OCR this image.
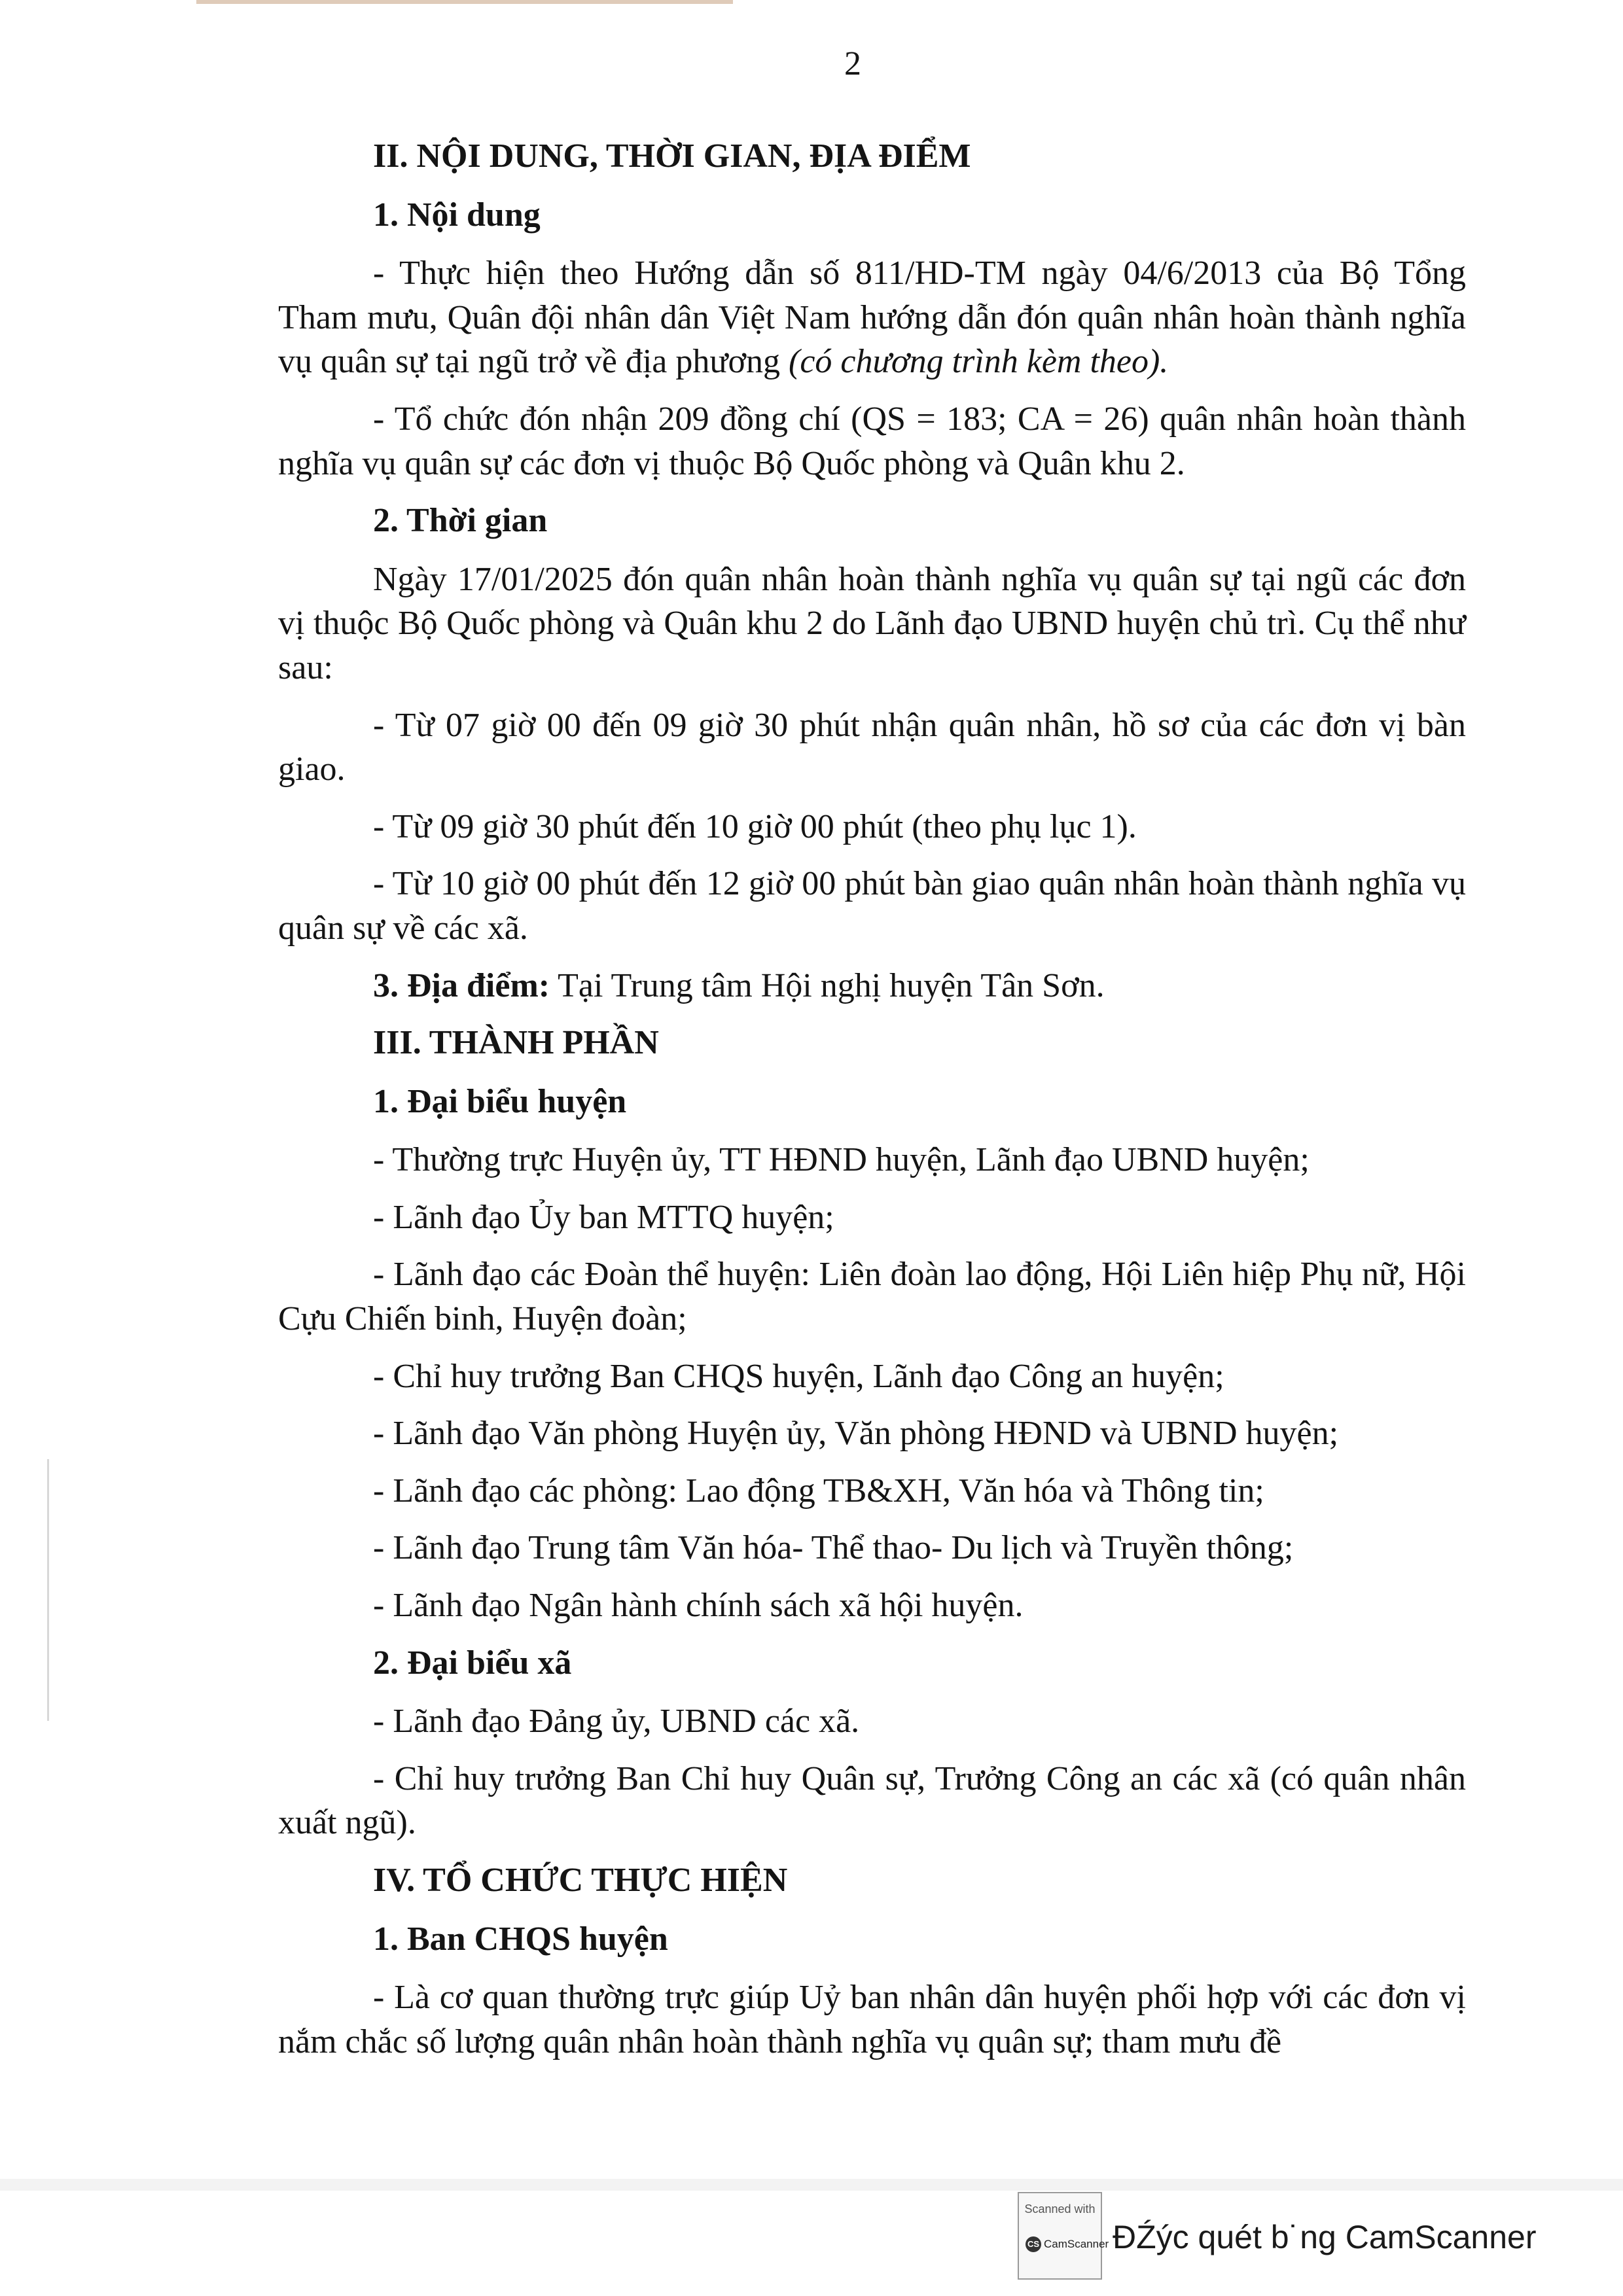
2
II. NỘI DUNG, THỜI GIAN, ĐỊA ĐIỂM
1. Nội dung

- Thực hiện theo Hướng dẫn số 811/HD-TM ngày 04/6/2013 của Bộ Tổng Tham mưu, Quân đội nhân dân Việt Nam hướng dẫn đón quân nhân hoàn thành nghĩa vụ quân sự tại ngũ trở về địa phương (có chương trình kèm theo).

- Tổ chức đón nhận 209 đồng chí (QS = 183; CA = 26) quân nhân hoàn thành nghĩa vụ quân sự các đơn vị thuộc Bộ Quốc phòng và Quân khu 2.

2. Thời gian

Ngày 17/01/2025 đón quân nhân hoàn thành nghĩa vụ quân sự tại ngũ các đơn vị thuộc Bộ Quốc phòng và Quân khu 2 do Lãnh đạo UBND huyện chủ trì. Cụ thể như sau:

- Từ 07 giờ 00 đến 09 giờ 30 phút nhận quân nhân, hồ sơ của các đơn vị bàn giao.

- Từ 09 giờ 30 phút đến 10 giờ 00 phút (theo phụ lục 1).

- Từ 10 giờ 00 phút đến 12 giờ 00 phút bàn giao quân nhân hoàn thành nghĩa vụ quân sự về các xã.

3. Địa điểm: Tại Trung tâm Hội nghị huyện Tân Sơn.

III. THÀNH PHẦN
1. Đại biểu huyện

- Thường trực Huyện ủy, TT HĐND huyện, Lãnh đạo UBND huyện;

- Lãnh đạo Ủy ban MTTQ huyện;

- Lãnh đạo các Đoàn thể huyện: Liên đoàn lao động, Hội Liên hiệp Phụ nữ, Hội Cựu Chiến binh, Huyện đoàn;

- Chỉ huy trưởng Ban CHQS huyện, Lãnh đạo Công an huyện;

- Lãnh đạo Văn phòng Huyện ủy, Văn phòng HĐND và UBND huyện;

- Lãnh đạo các phòng: Lao động TB&XH, Văn hóa và Thông tin;

- Lãnh đạo Trung tâm Văn hóa- Thể thao- Du lịch và Truyền thông;

- Lãnh đạo Ngân hành chính sách xã hội huyện.

2. Đại biểu xã

- Lãnh đạo Đảng ủy, UBND các xã.

- Chỉ huy trưởng Ban Chỉ huy Quân sự, Trưởng Công an các xã (có quân nhân xuất ngũ).

IV. TỔ CHỨC THỰC HIỆN
1. Ban CHQS huyện

- Là cơ quan thường trực giúp Uỷ ban nhân dân huyện phối hợp với các đơn vị nắm chắc số lượng quân nhân hoàn thành nghĩa vụ quân sự; tham mưu đề

Scanned with
CS CamScanner ĐŹýc quét b˙ng CamScanner
